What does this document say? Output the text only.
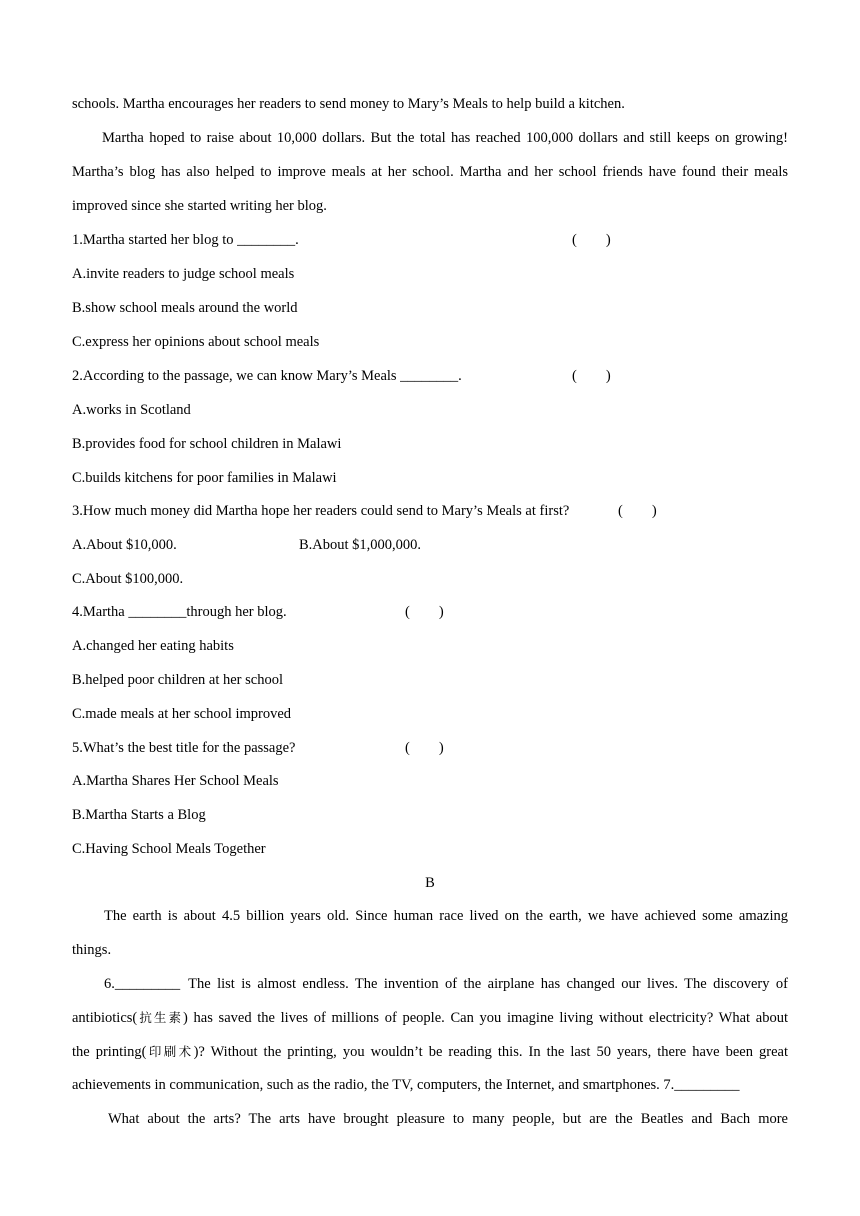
schools. Martha encourages her readers to send money to Mary’s Meals to help build a kitchen.
Martha hoped to raise about 10,000 dollars. But the total has reached 100,000 dollars and still keeps on growing!
Martha’s blog has also helped to improve meals at her school. Martha and her school friends have found their meals
improved since she started writing her blog.
1.Martha started her blog to ________.	(        )
A.invite readers to judge school meals
B.show school meals around the world
C.express her opinions about school meals
2.According to the passage, we can know Mary’s Meals ________.	(        )
A.works in Scotland
B.provides food for school children in Malawi
C.builds kitchens for poor families in Malawi
3.How much money did Martha hope her readers could send to Mary’s Meals at first?	(        )
A.About $10,000.	B.About $1,000,000.
C.About $100,000.
4.Martha ________through her blog.	(        )
A.changed her eating habits
B.helped poor children at her school
C.made meals at her school improved
5.What’s the best title for the passage?	(        )
A.Martha Shares Her School Meals
B.Martha Starts a Blog
C.Having School Meals Together
B
The earth is about 4.5 billion years old. Since human race lived on the earth, we have achieved some amazing
things.
6._________ The list is almost endless. The invention of the airplane has changed our lives. The discovery of
antibiotics(抗生素) has saved the lives of millions of people. Can you imagine living without electricity? What about
the printing(印刷术)? Without the printing, you wouldn’t be reading this. In the last 50 years, there have been great
achievements in communication, such as the radio, the TV, computers, the Internet, and smartphones. 7._________
What about the arts? The arts have brought pleasure to many people, but are the Beatles and Bach more
